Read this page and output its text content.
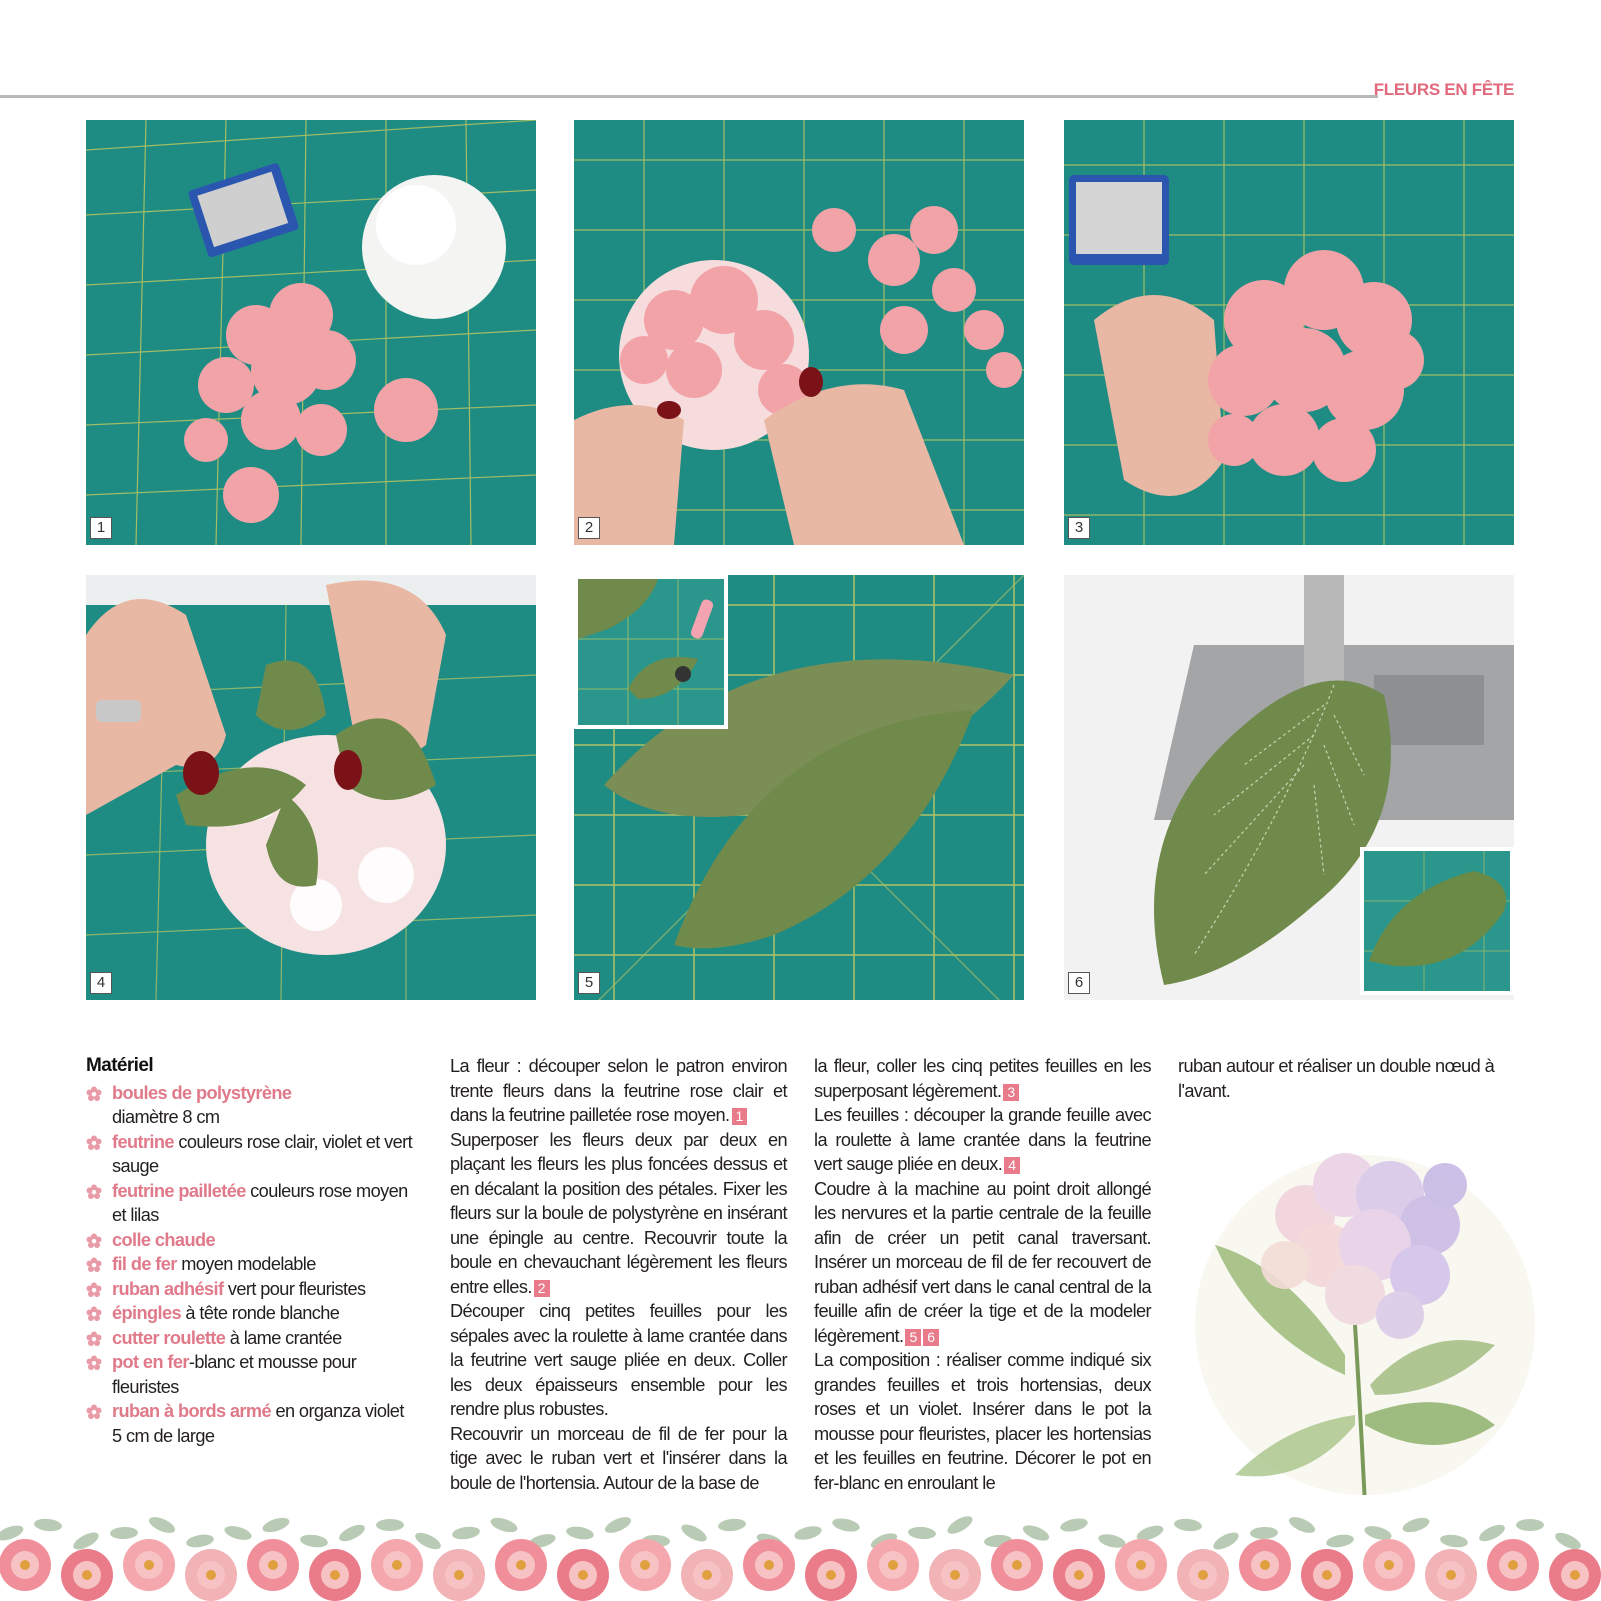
FLEURS EN FÊTE
1	2	3
4	5	6
Matériel
boules de polystyrène
diamètre 8 cm
feutrine couleurs rose clair, violet et vert sauge
feutrine pailletée couleurs rose moyen et lilas
colle chaude
fil de fer moyen modelable
ruban adhésif vert pour fleuristes
épingles à tête ronde blanche
cutter roulette à lame crantée
pot en fer-blanc et mousse pour fleuristes
ruban à bords armé en organza violet 5 cm de large

La fleur : découper selon le patron environ trente fleurs dans la feutrine rose clair et dans la feutrine pailletée rose moyen. 1

Superposer les fleurs deux par deux en plaçant les fleurs les plus foncées dessus et en décalant la position des pétales. Fixer les fleurs sur la boule de polystyrène en insérant une épingle au centre. Recouvrir toute la boule en chevauchant légèrement les fleurs entre elles. 2

Découper cinq petites feuilles pour les sépales avec la roulette à lame crantée dans la feutrine vert sauge pliée en deux. Coller les deux épaisseurs ensemble pour les rendre plus robustes.

Recouvrir un morceau de fil de fer pour la tige avec le ruban vert et l'insérer dans la boule de l'hortensia. Autour de la base de

la fleur, coller les cinq petites feuilles en les superposant légèrement. 3

Les feuilles : découper la grande feuille avec la roulette à lame crantée dans la feutrine vert sauge pliée en deux. 4

Coudre à la machine au point droit allongé les nervures et la partie centrale de la feuille afin de créer un petit canal traversant. Insérer un morceau de fil de fer recouvert de ruban adhésif vert dans le canal central de la feuille afin de créer la tige et de la modeler légèrement. 5 6

La composition : réaliser comme indiqué six grandes feuilles et trois hortensias, deux roses et un violet. Insérer dans le pot la mousse pour fleuristes, placer les hortensias et les feuilles en feutrine. Décorer le pot en fer-blanc en enroulant le

ruban autour et réaliser un double nœud à l'avant.
